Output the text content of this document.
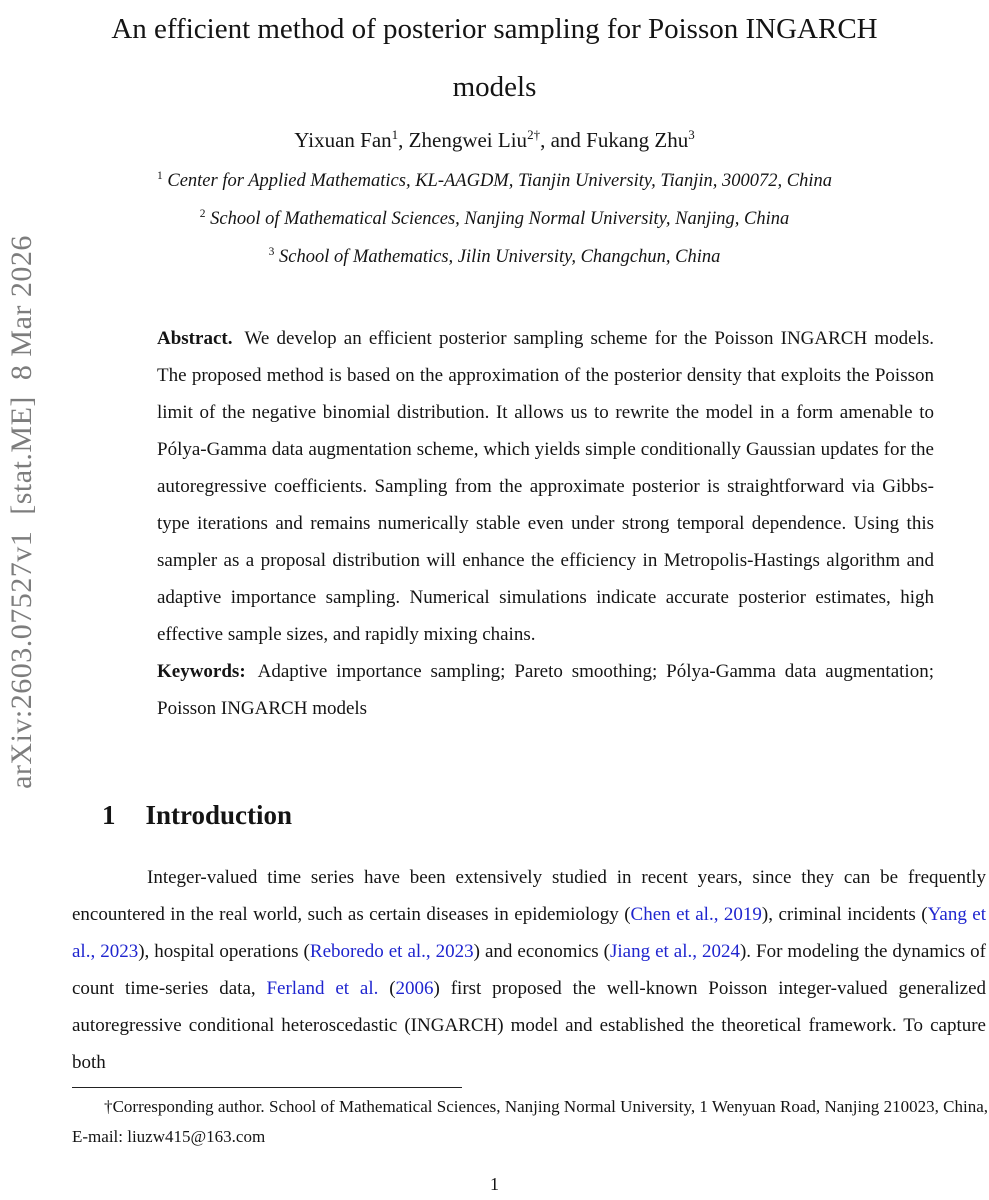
arXiv:2603.07527v1  [stat.ME]  8 Mar 2026
An efficient method of posterior sampling for Poisson INGARCH
models
Yixuan Fan$^1$, Zhengwei Liu$^{2\dagger}$, and Fukang Zhu$^3$
$^1$ Center for Applied Mathematics, KL-AAGDM, Tianjin University, Tianjin, 300072, China
$^2$ School of Mathematical Sciences, Nanjing Normal University, Nanjing, China
$^3$ School of Mathematics, Jilin University, Changchun, China
Abstract. We develop an efficient posterior sampling scheme for the Poisson INGARCH models. The proposed method is based on the approximation of the posterior density that exploits the Poisson limit of the negative binomial distribution. It allows us to rewrite the model in a form amenable to Pólya-Gamma data augmentation scheme, which yields simple conditionally Gaussian updates for the autoregressive coefficients. Sampling from the approximate posterior is straightforward via Gibbs-type iterations and remains numerically stable even under strong temporal dependence. Using this sampler as a proposal distribution will enhance the efficiency in Metropolis-Hastings algorithm and adaptive importance sampling. Numerical simulations indicate accurate posterior estimates, high effective sample sizes, and rapidly mixing chains.
Keywords: Adaptive importance sampling; Pareto smoothing; Pólya-Gamma data augmentation; Poisson INGARCH models
1 Introduction
Integer-valued time series have been extensively studied in recent years, since they can be frequently encountered in the real world, such as certain diseases in epidemiology (Chen et al., 2019), criminal incidents (Yang et al., 2023), hospital operations (Reboredo et al., 2023) and economics (Jiang et al., 2024). For modeling the dynamics of count time-series data, Ferland et al. (2006) first proposed the well-known Poisson integer-valued generalized autoregressive conditional heteroscedastic (INGARCH) model and established the theoretical framework. To capture both
†Corresponding author. School of Mathematical Sciences, Nanjing Normal University, 1 Wenyuan Road, Nanjing 210023, China, E-mail: liuzw415@163.com
1
